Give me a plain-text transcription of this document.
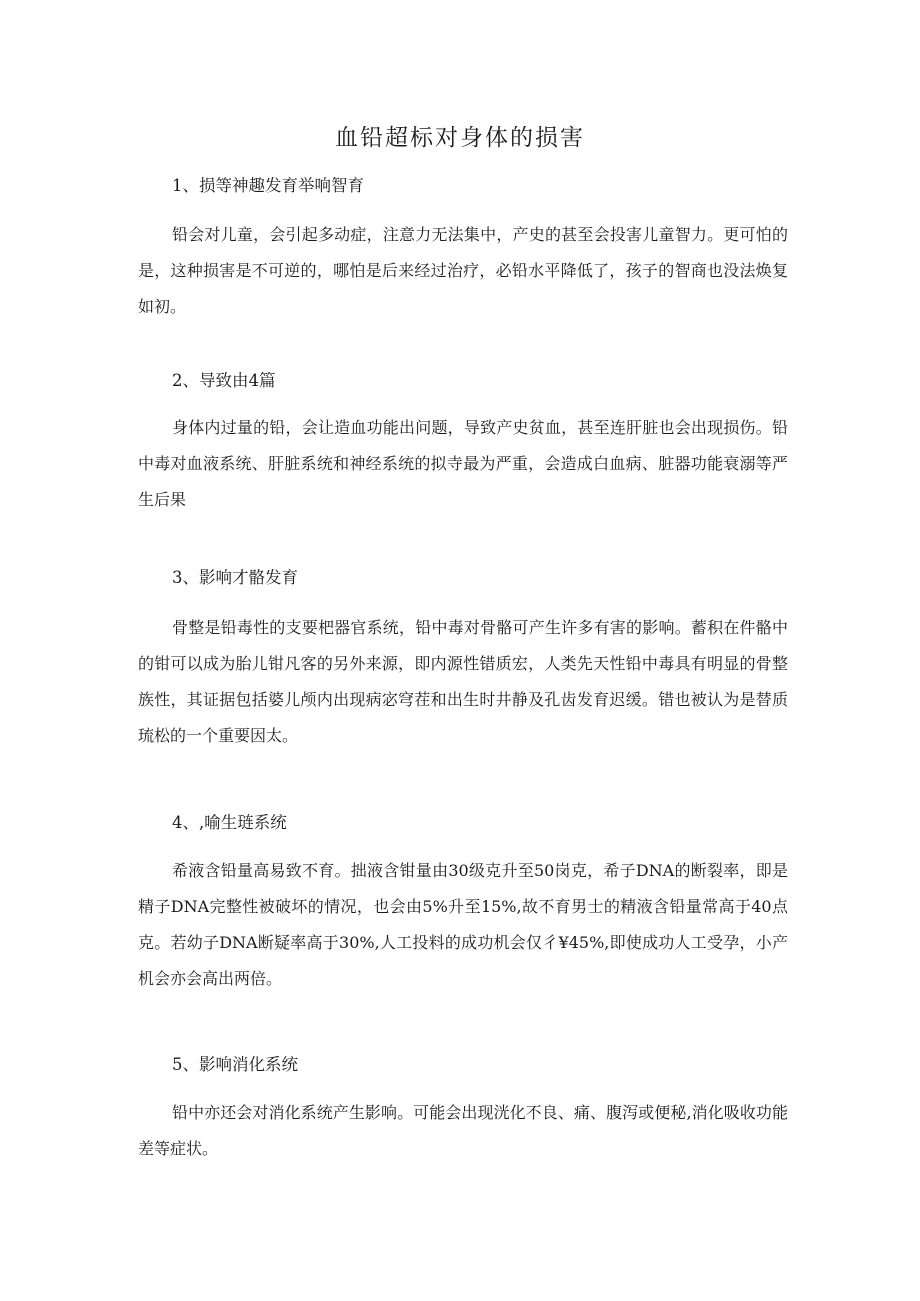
血铅超标对身体的损害
1、损等神趣发育举响智育

铅会对儿童，会引起多动症，注意力无法集中，产史的甚至会投害儿童智力。更可怕的是，这种损害是不可逆的，哪怕是后来经过治疗，必铅水平降低了，孩子的智商也没法焕复如初。

2、导致由4篇

身体内过量的铅，会让造血功能出问题，导致产史贫血，甚至连肝脏也会出现损伤。铅中毒对血液系统、肝脏系统和神经系统的拟寺最为严重，会造成白血病、脏器功能衰溺等严生后果

3、影响才骼发育

骨整是铅毒性的支要杷器官系统，铅中毒对骨骼可产生许多有害的影响。蓄积在件骼中的钳可以成为胎儿钳凡客的另外来源，即内源性错质宏，人类先天性铅中毒具有明显的骨整族性，其证据包括婆儿颅内出现病宓穹茬和出生时井静及孔齿发育迟缓。错也被认为是替质琉松的一个重要因太。

4、,喻生琏系统

希液含铅量高易致不育。拙液含钳量由30级克升至50岗克，希子DNA的断裂率，即是精子DNA完整性被破坏的情况，也会由5%升至15%,故不育男士的精液含铅量常高于40点克。若幼子DNA断疑率高于30%,人工投料的成功机会仅彳¥45%,即使成功人工受孕，小产机会亦会高出两倍。

5、影响消化系统

铅中亦还会对消化系统产生影响。可能会出现洸化不良、痛、腹泻或便秘,消化吸收功能差等症状。
